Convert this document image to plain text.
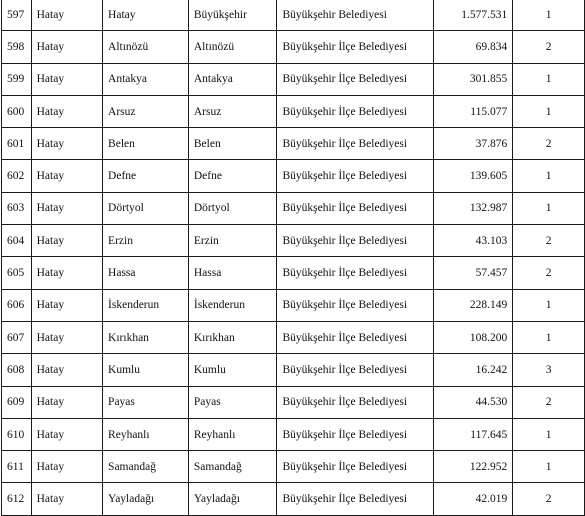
597	Hatay	Hatay	Büyükşehir	Büyükşehir Belediyesi	1.577.531	1
598	Hatay	Altınözü	Altınözü	Büyükşehir İlçe Belediyesi	69.834	2
599	Hatay	Antakya	Antakya	Büyükşehir İlçe Belediyesi	301.855	1
600	Hatay	Arsuz	Arsuz	Büyükşehir İlçe Belediyesi	115.077	1
601	Hatay	Belen	Belen	Büyükşehir İlçe Belediyesi	37.876	2
602	Hatay	Defne	Defne	Büyükşehir İlçe Belediyesi	139.605	1
603	Hatay	Dörtyol	Dörtyol	Büyükşehir İlçe Belediyesi	132.987	1
604	Hatay	Erzin	Erzin	Büyükşehir İlçe Belediyesi	43.103	2
605	Hatay	Hassa	Hassa	Büyükşehir İlçe Belediyesi	57.457	2
606	Hatay	İskenderun	İskenderun	Büyükşehir İlçe Belediyesi	228.149	1
607	Hatay	Kırıkhan	Kırıkhan	Büyükşehir İlçe Belediyesi	108.200	1
608	Hatay	Kumlu	Kumlu	Büyükşehir İlçe Belediyesi	16.242	3
609	Hatay	Payas	Payas	Büyükşehir İlçe Belediyesi	44.530	2
610	Hatay	Reyhanlı	Reyhanlı	Büyükşehir İlçe Belediyesi	117.645	1
611	Hatay	Samandağ	Samandağ	Büyükşehir İlçe Belediyesi	122.952	1
612	Hatay	Yayladağı	Yayladağı	Büyükşehir İlçe Belediyesi	42.019	2
